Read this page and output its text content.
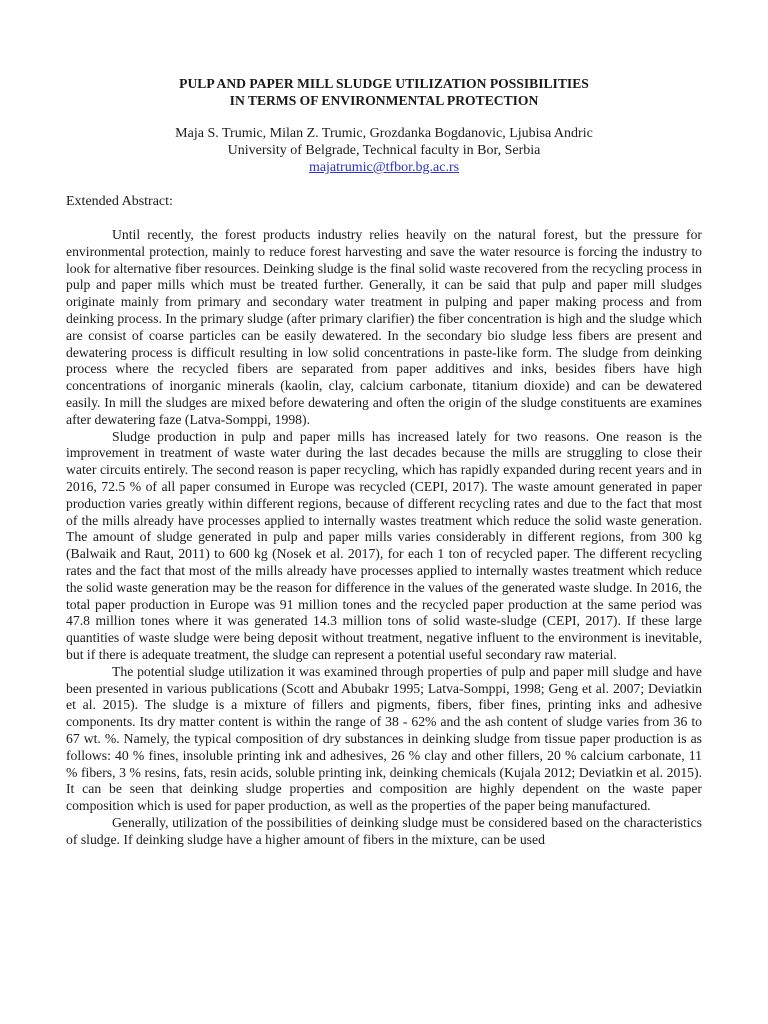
PULP AND PAPER MILL SLUDGE UTILIZATION POSSIBILITIES
IN TERMS OF ENVIRONMENTAL PROTECTION
Maja S. Trumic, Milan Z. Trumic, Grozdanka Bogdanovic, Ljubisa Andric
University of Belgrade, Technical faculty in Bor, Serbia
majatrumic@tfbor.bg.ac.rs
Extended Abstract:

Until recently, the forest products industry relies heavily on the natural forest, but the pressure for environmental protection, mainly to reduce forest harvesting and save the water resource is forcing the industry to look for alternative fiber resources. Deinking sludge is the final solid waste recovered from the recycling process in pulp and paper mills which must be treated further. Generally, it can be said that pulp and paper mill sludges originate mainly from primary and secondary water treatment in pulping and paper making process and from deinking process. In the primary sludge (after primary clarifier) the fiber concentration is high and the sludge which are consist of coarse particles can be easily dewatered. In the secondary bio sludge less fibers are present and dewatering process is difficult resulting in low solid concentrations in paste-like form. The sludge from deinking process where the recycled fibers are separated from paper additives and inks, besides fibers have high concentrations of inorganic minerals (kaolin, clay, calcium carbonate, titanium dioxide) and can be dewatered easily. In mill the sludges are mixed before dewatering and often the origin of the sludge constituents are examines after dewatering faze (Latva-Somppi, 1998).

Sludge production in pulp and paper mills has increased lately for two reasons. One reason is the improvement in treatment of waste water during the last decades because the mills are struggling to close their water circuits entirely. The second reason is paper recycling, which has rapidly expanded during recent years and in 2016, 72.5 % of all paper consumed in Europe was recycled (CEPI, 2017). The waste amount generated in paper production varies greatly within different regions, because of different recycling rates and due to the fact that most of the mills already have processes applied to internally wastes treatment which reduce the solid waste generation. The amount of sludge generated in pulp and paper mills varies considerably in different regions, from 300 kg (Balwaik and Raut, 2011) to 600 kg (Nosek et al. 2017), for each 1 ton of recycled paper. The different recycling rates and the fact that most of the mills already have processes applied to internally wastes treatment which reduce the solid waste generation may be the reason for difference in the values of the generated waste sludge. In 2016, the total paper production in Europe was 91 million tones and the recycled paper production at the same period was 47.8 million tones where it was generated 14.3 million tons of solid waste-sludge (CEPI, 2017). If these large quantities of waste sludge were being deposit without treatment, negative influent to the environment is inevitable, but if there is adequate treatment, the sludge can represent a potential useful secondary raw material.

The potential sludge utilization it was examined through properties of pulp and paper mill sludge and have been presented in various publications (Scott and Abubakr 1995; Latva-Somppi, 1998; Geng et al. 2007; Deviatkin et al. 2015). The sludge is a mixture of fillers and pigments, fibers, fiber fines, printing inks and adhesive components. Its dry matter content is within the range of 38 - 62% and the ash content of sludge varies from 36 to 67 wt. %. Namely, the typical composition of dry substances in deinking sludge from tissue paper production is as follows: 40 % fines, insoluble printing ink and adhesives, 26 % clay and other fillers, 20 % calcium carbonate, 11 % fibers, 3 % resins, fats, resin acids, soluble printing ink, deinking chemicals (Kujala 2012; Deviatkin et al. 2015). It can be seen that deinking sludge properties and composition are highly dependent on the waste paper composition which is used for paper production, as well as the properties of the paper being manufactured.

Generally, utilization of the possibilities of deinking sludge must be considered based on the characteristics of sludge. If deinking sludge have a higher amount of fibers in the mixture, can be used
